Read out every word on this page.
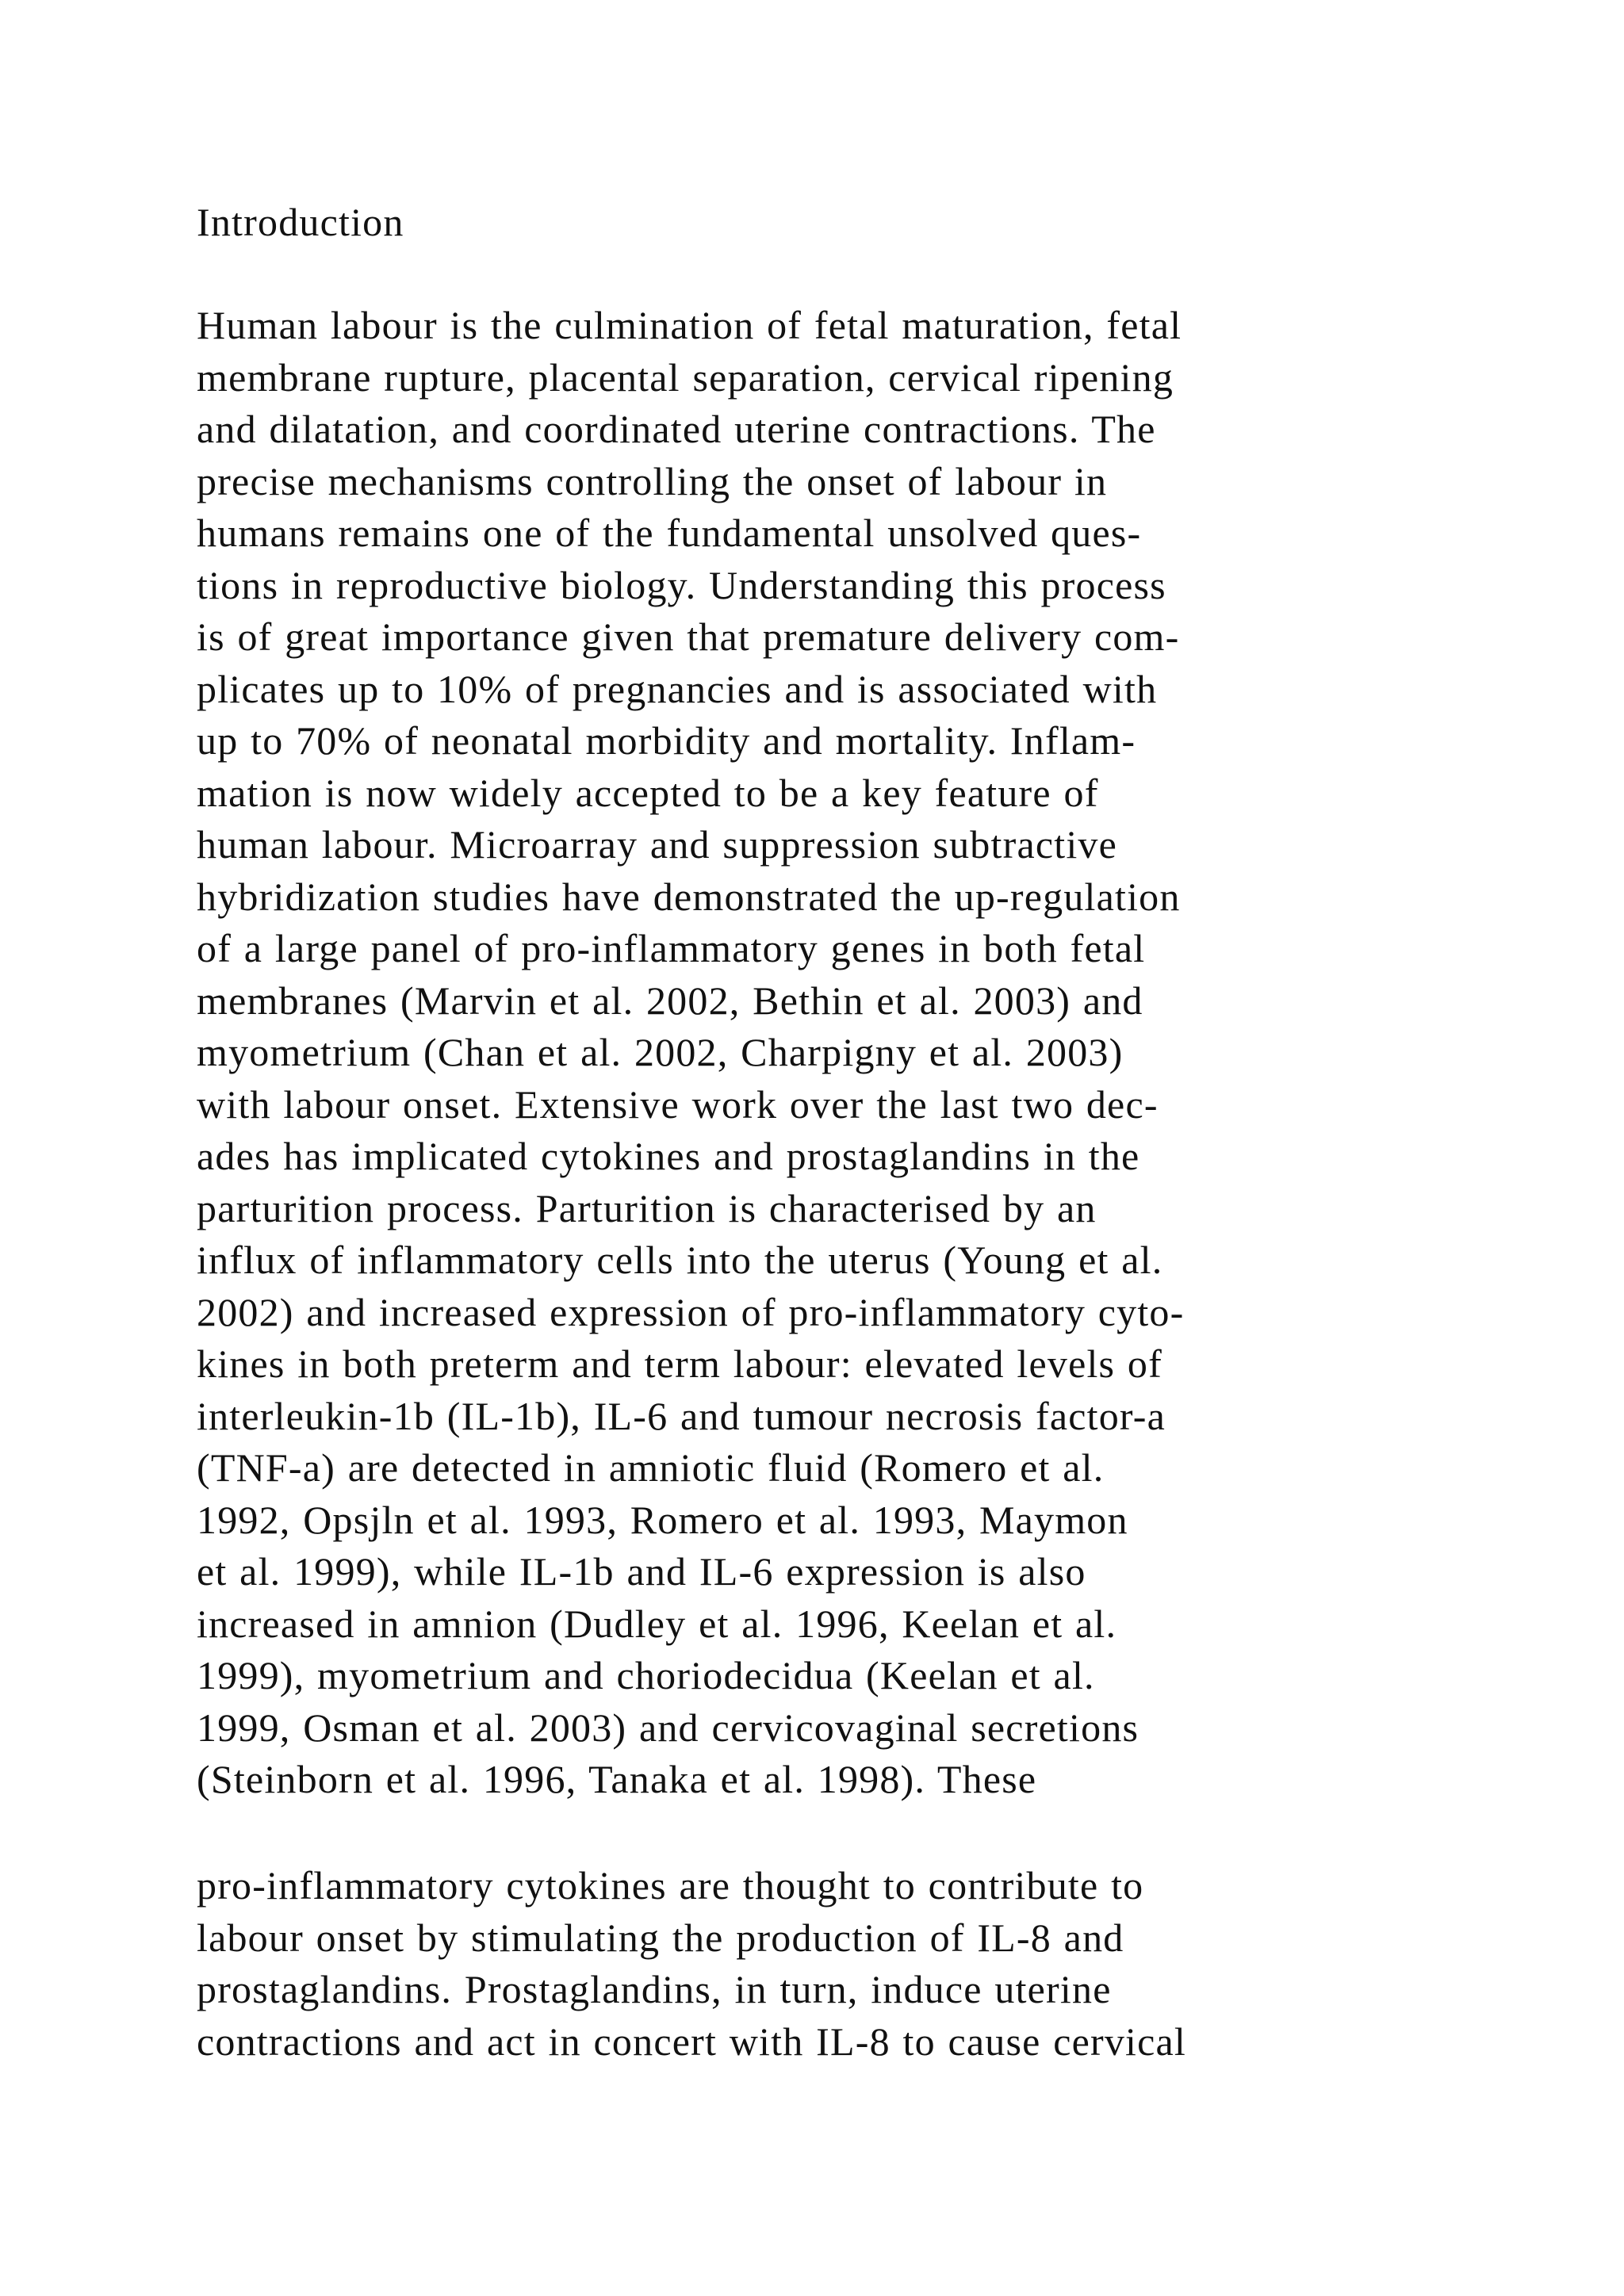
Introduction
Human labour is the culmination of fetal maturation, fetal
membrane rupture, placental separation, cervical ripening
and dilatation, and coordinated uterine contractions. The
precise mechanisms controlling the onset of labour in
humans remains one of the fundamental unsolved ques-
tions in reproductive biology. Understanding this process
is of great importance given that premature delivery com-
plicates up to 10% of pregnancies and is associated with
up to 70% of neonatal morbidity and mortality. Inflam-
mation is now widely accepted to be a key feature of
human labour. Microarray and suppression subtractive
hybridization studies have demonstrated the up-regulation
of a large panel of pro-inflammatory genes in both fetal
membranes (Marvin et al. 2002, Bethin et al. 2003) and
myometrium (Chan et al. 2002, Charpigny et al. 2003)
with labour onset. Extensive work over the last two dec-
ades has implicated cytokines and prostaglandins in the
parturition process. Parturition is characterised by an
influx of inflammatory cells into the uterus (Young et al.
2002) and increased expression of pro-inflammatory cyto-
kines in both preterm and term labour: elevated levels of
interleukin-1b (IL-1b), IL-6 and tumour necrosis factor-a
(TNF-a) are detected in amniotic fluid (Romero et al.
1992, Opsjln et al. 1993, Romero et al. 1993, Maymon
et al. 1999), while IL-1b and IL-6 expression is also
increased in amnion (Dudley et al. 1996, Keelan et al.
1999), myometrium and choriodecidua (Keelan et al.
1999, Osman et al. 2003) and cervicovaginal secretions
(Steinborn et al. 1996, Tanaka et al. 1998). These
pro-inflammatory cytokines are thought to contribute to
labour onset by stimulating the production of IL-8 and
prostaglandins. Prostaglandins, in turn, induce uterine
contractions and act in concert with IL-8 to cause cervical
